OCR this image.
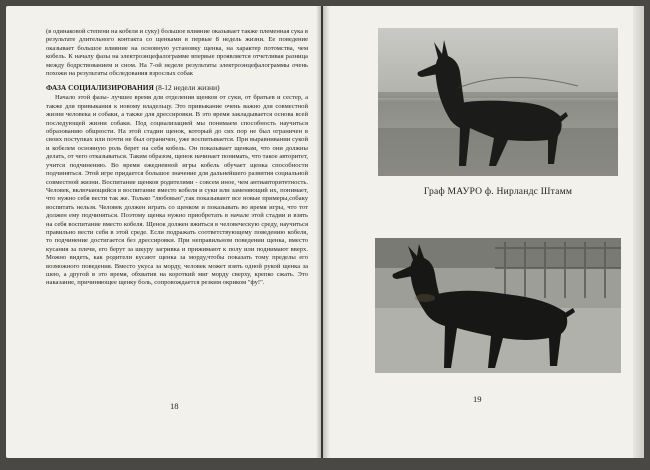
(в одинаковой степени на кобеля и суку) большое влияние оказывает также племенная сука в результате длительного контакта со щенками в первые 8 недель жизни. Ее поведение оказывает большое влияние на основную установку щенка, на характер потомства, чем кобель. К началу фазы на электроэнцефалограмме впервые проявляется отчетливая разница между бодрствованием и сном. На 7-ой неделе результаты электроэнцефалограммы очень похожи на результаты обследования взрослых собак

ФАЗА СОЦИАЛИЗИРОВАНИЯ (8-12 недели жизни)

Начало этой фазы- лучшее время для отделения щенков от суки, от братьев и сестер, а также для привыкания к новому владельцу. Это привыкание очень важно для совместной жизни человека и собаки, а также для дрессировки. В это время закладывается основа всей последующей жизни собаки. Под социализацией мы понимаем способность научиться образованию общности. На этой стадии щенок, который до сих пор не был ограничен в своих поступках или почти не был ограничен, уже воспитывается. При выравнивании сукой и кобелем основную роль берет на себя кобель. Он показывает щенкам, что они должны делать, от чего отказываться. Таким образом, щенок начинает понимать, что такое авторитет, учится подчинению. Во время ежедневной игры кобель обучает щенка способности подчиняться. Этой игре придается большое значение для дальнейшего развития социальной совместной жизни. Воспитание щенков родителями - совсем иное, чем антиавторитетность. Человек, включающийся в воспитание вместо кобеля и суки или заменяющий их, понимает, что нужно себя вести так же. Только "любовью",так показывают все новые примеры,собаку воспитать нельзя. Человек должен играть со щенком и показывать во время игры, что тот должен ему подчиняться. Поэтому щенка нужно приобретать в начале этой стадии и взять на себя воспитание вместо кобеля. Щенок должен вжиться в человеческую среду, научиться правильно вести себя в этой среде. Если подражать соответствующему поведению кобеля, то подчинение достигается без дрессировки. При неправильном поведении щенка, вместо кусания за плечи, его берут за шкуру загривка и прижимают к полу или поднимают вверх. Можно видеть, как родители кусают щенка за морду,чтобы показать тому пределы его возможного поведения. Вместо укуса за морду, человек может взять одной рукой щенка за шею, а другой в это время, обхватив на короткий миг морду сверху, крепко сжать. Это наказание, причиняющее щенку боль, сопровождается резким окриком "фу!".

18
Граф МАУРО ф. Нирландс Штамм
19
